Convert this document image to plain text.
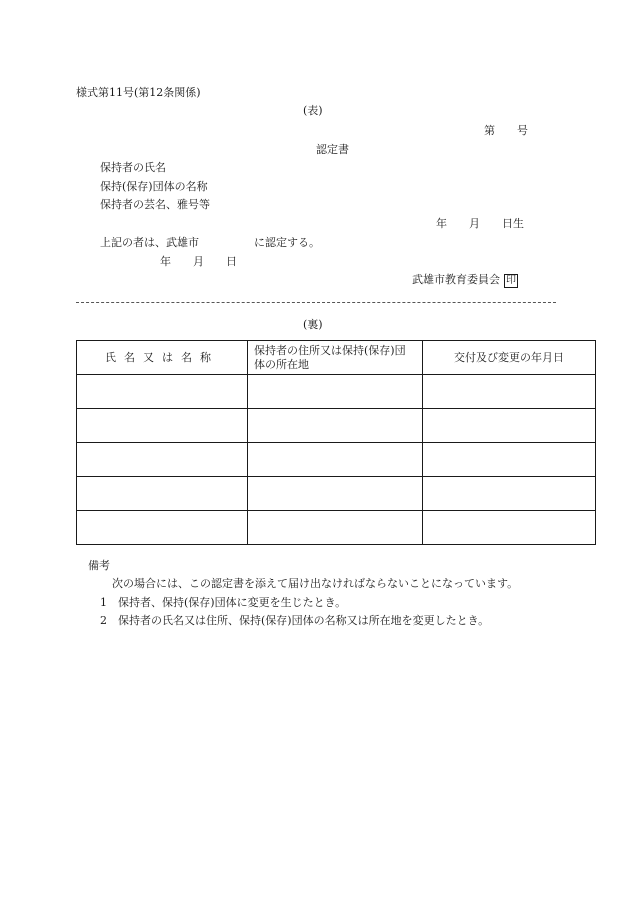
様式第11号(第12条関係)
(表)
第　　号
認定書
保持者の氏名
保持(保存)団体の名称
保持者の芸名、雅号等
年　　月　　日生
上記の者は、武雄市　　　　　に認定する。
年　　月　　日
武雄市教育委員会 印
(裏)
氏名又は名称	保持者の住所又は保持(保存)団体の所在地	交付及び変更の年月日

備考
次の場合には、この認定書を添えて届け出なければならないことになっています。
1　保持者、保持(保存)団体に変更を生じたとき。
2　保持者の氏名又は住所、保持(保存)団体の名称又は所在地を変更したとき。
